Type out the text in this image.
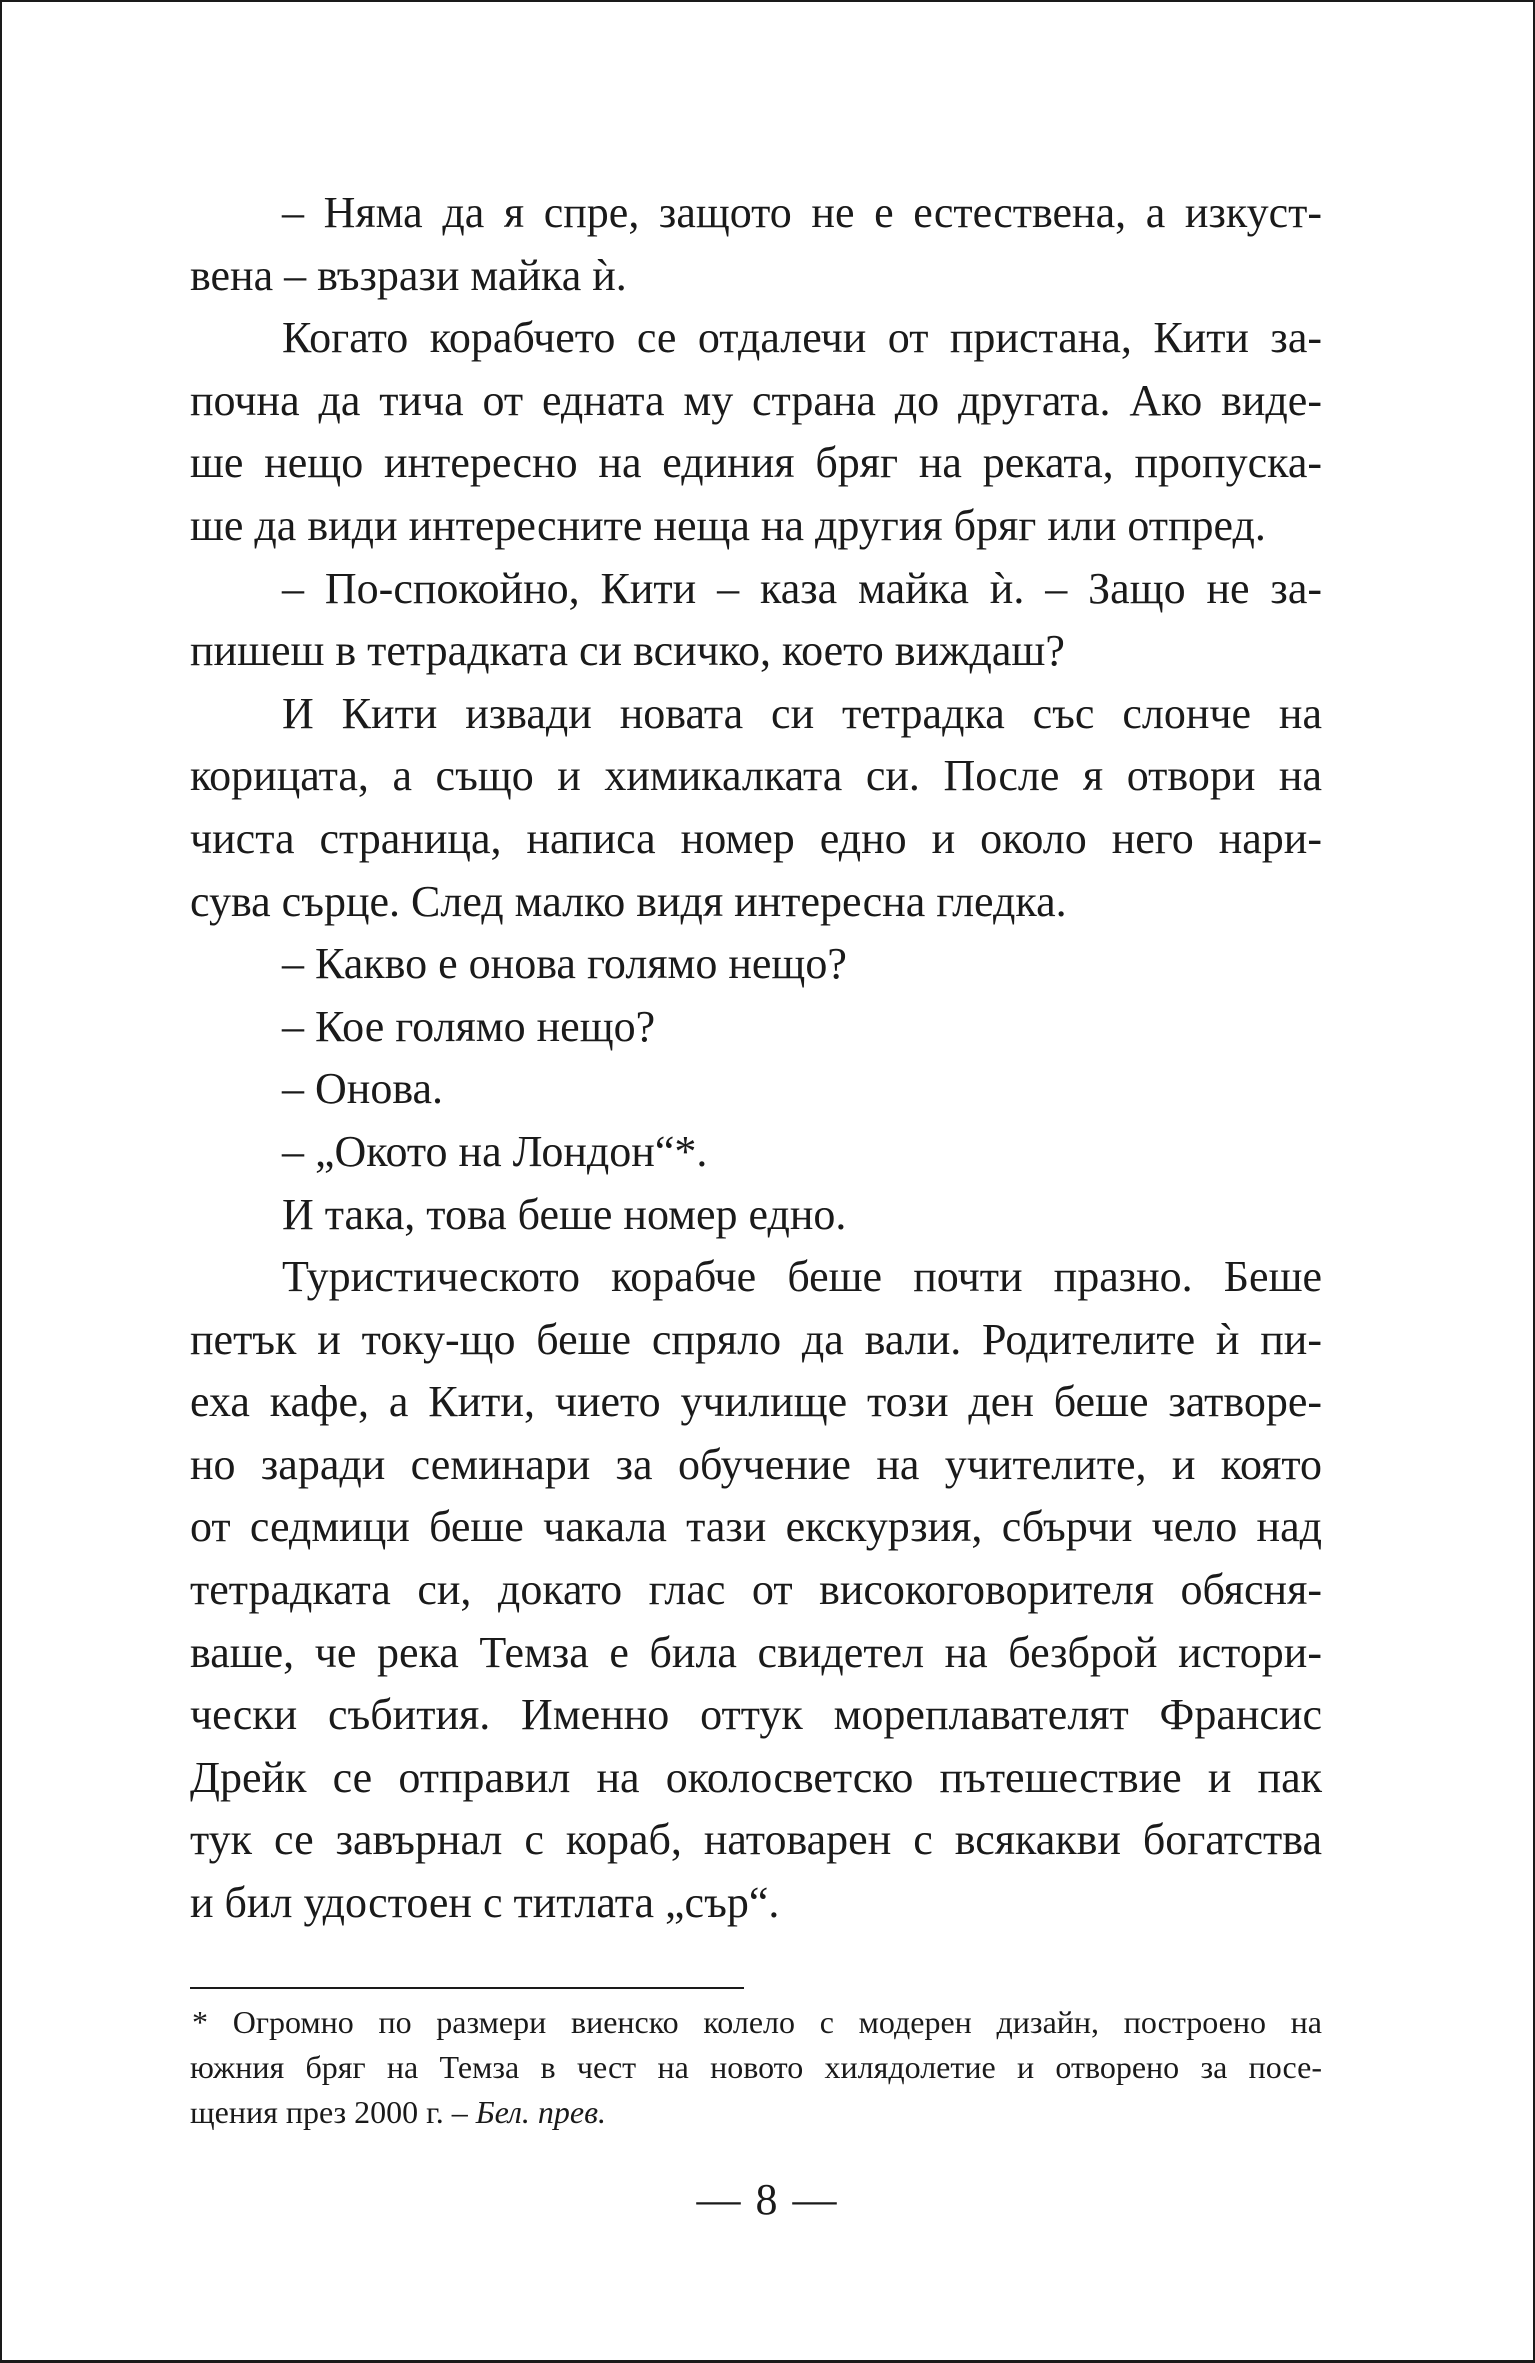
– Няма да я спре, защото не е естествена, а изкуст-
вена – възрази майка ѝ.
Когато корабчето се отдалечи от пристана, Кити за-
почна да тича от едната му страна до другата. Ако виде-
ше нещо интересно на единия бряг на реката, пропуска-
ше да види интересните неща на другия бряг или отпред.
– По-спокойно, Кити – каза майка ѝ. – Защо не за-
пишеш в тетрадката си всичко, което виждаш?
И Кити извади новата си тетрадка със слонче на
корицата, а също и химикалката си. После я отвори на
чиста страница, написа номер едно и около него нари-
сува сърце. След малко видя интересна гледка.
– Какво е онова голямо нещо?
– Кое голямо нещо?
– Онова.
– „Окото на Лондон“*.
И така, това беше номер едно.
Туристическото корабче беше почти празно. Беше
петък и току-що беше спряло да вали. Родителите ѝ пи-
еха кафе, а Кити, чието училище този ден беше затворе-
но заради семинари за обучение на учителите, и която
от седмици беше чакала тази екскурзия, сбърчи чело над
тетрадката си, докато глас от високоговорителя обясня-
ваше, че река Темза е била свидетел на безброй истори-
чески събития. Именно оттук мореплавателят Франсис
Дрейк се отправил на околосветско пътешествие и пак
тук се завърнал с кораб, натоварен с всякакви богатства
и бил удостоен с титлата „сър“.
* Огромно по размери виенско колело с модерен дизайн, построено на
южния бряг на Темза в чест на новото хилядолетие и отворено за посе-
щения през 2000 г. – Бел. прев.
— 8 —
